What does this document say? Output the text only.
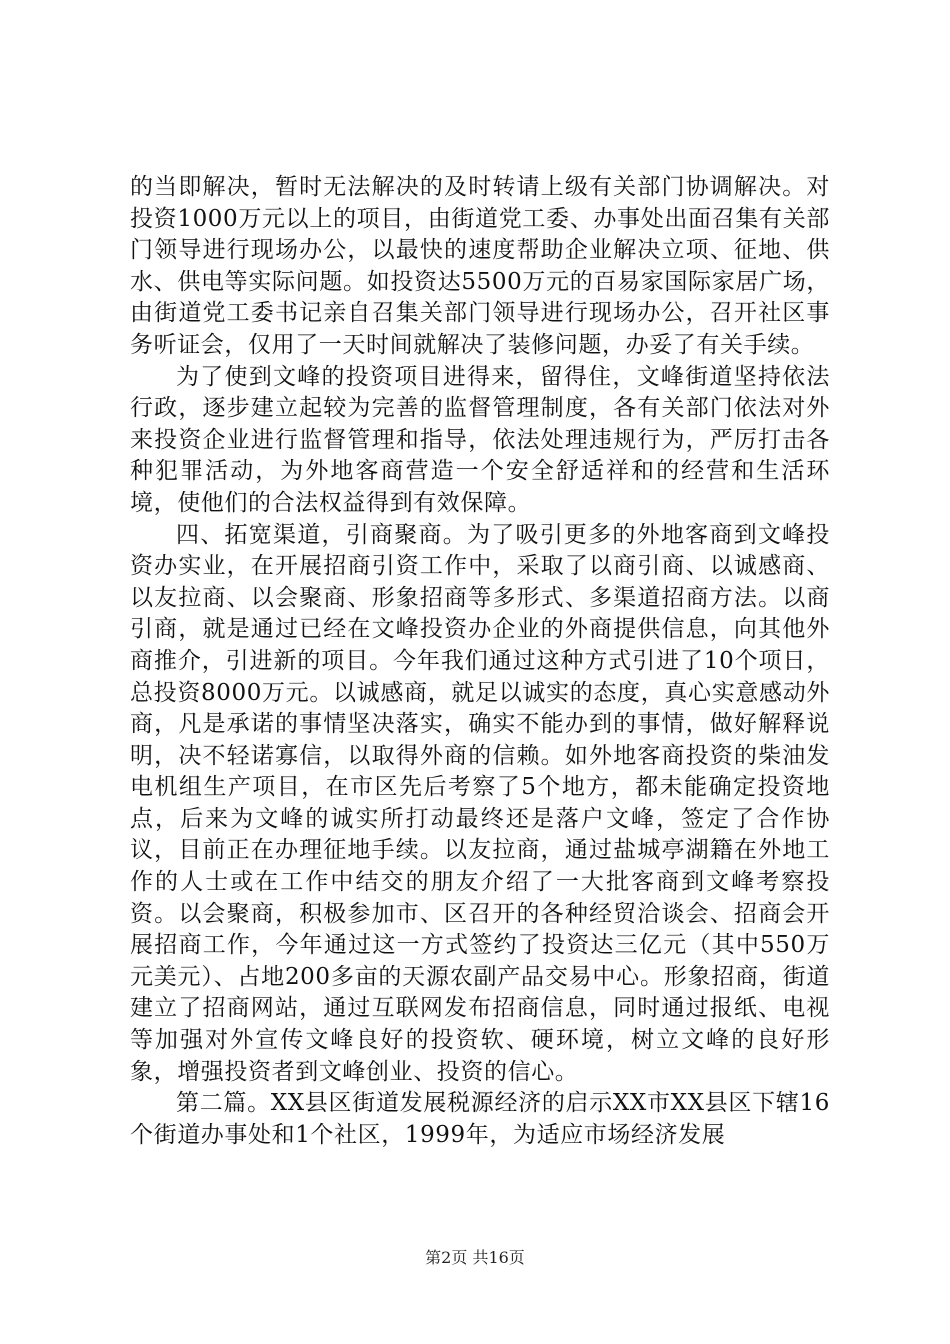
的当即解决，暂时无法解决的及时转请上级有关部门协调解决。对投资1000万元以上的项目，由街道党工委、办事处出面召集有关部门领导进行现场办公，以最快的速度帮助企业解决立项、征地、供水、供电等实际问题。如投资达5500万元的百易家国际家居广场，由街道党工委书记亲自召集关部门领导进行现场办公，召开社区事务听证会，仅用了一天时间就解决了装修问题，办妥了有关手续。

为了使到文峰的投资项目进得来，留得住，文峰街道坚持依法行政，逐步建立起较为完善的监督管理制度，各有关部门依法对外来投资企业进行监督管理和指导，依法处理违规行为，严厉打击各种犯罪活动，为外地客商营造一个安全舒适祥和的经营和生活环境，使他们的合法权益得到有效保障。

四、拓宽渠道，引商聚商。为了吸引更多的外地客商到文峰投资办实业，在开展招商引资工作中，采取了以商引商、以诚感商、以友拉商、以会聚商、形象招商等多形式、多渠道招商方法。以商引商，就是通过已经在文峰投资办企业的外商提供信息，向其他外商推介，引进新的项目。今年我们通过这种方式引进了10个项日，总投资8000万元。以诚感商，就足以诚实的态度，真心实意感动外商，凡是承诺的事情坚决落实，确实不能办到的事情，做好解释说明，决不轻诺寡信，以取得外商的信赖。如外地客商投资的柴油发电机组生产项目，在市区先后考察了5个地方，都未能确定投资地点，后来为文峰的诚实所打动最终还是落户文峰，签定了合作协议，目前正在办理征地手续。以友拉商，通过盐城亭湖籍在外地工作的人士或在工作中结交的朋友介绍了一大批客商到文峰考察投资。以会聚商，积极参加市、区召开的各种经贸洽谈会、招商会开展招商工作，今年通过这一方式签约了投资达三亿元（其中550万元美元）、占地200多亩的天源农副产品交易中心。形象招商，街道建立了招商网站，通过互联网发布招商信息，同时通过报纸、电视等加强对外宣传文峰良好的投资软、硬环境，树立文峰的良好形象，增强投资者到文峰创业、投资的信心。

第二篇。XX县区街道发展税源经济的启示XX市XX县区下辖16个街道办事处和1个社区，1999年，为适应市场经济发展

第2页 共16页
